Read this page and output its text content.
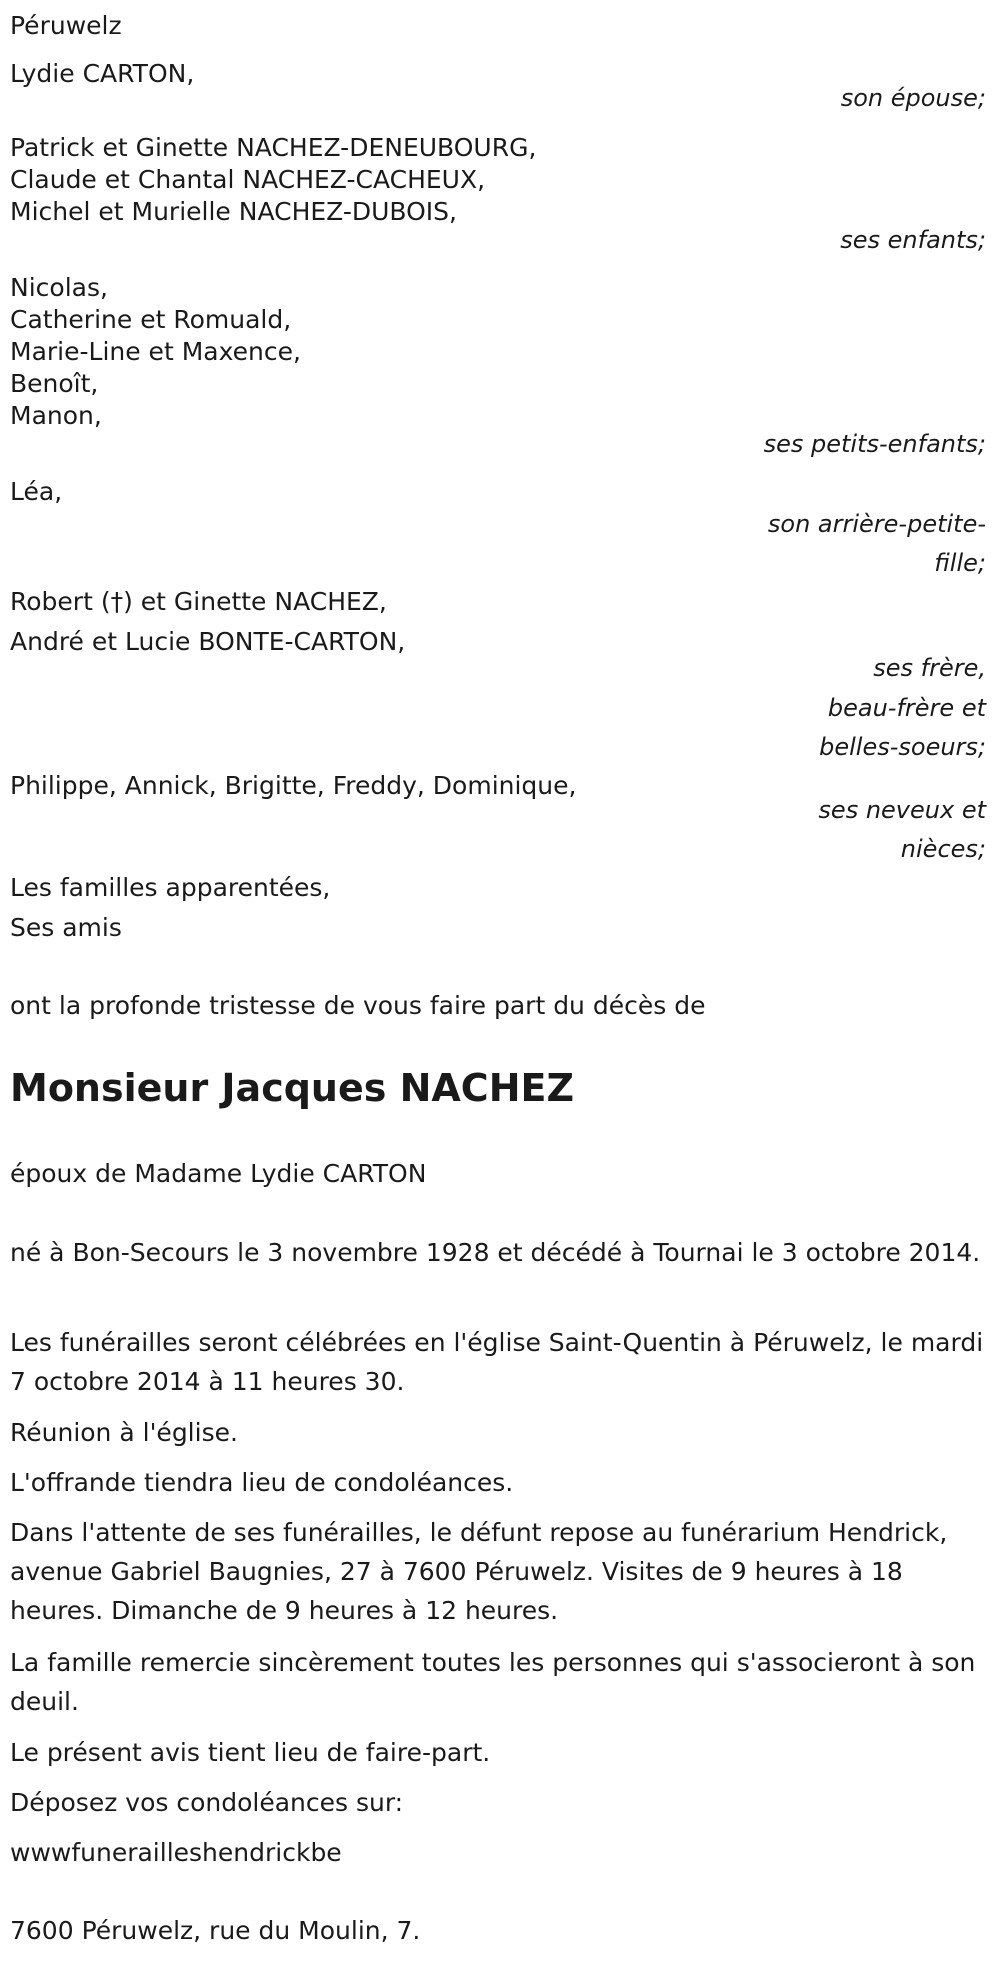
Péruwelz
Lydie CARTON,
son épouse;
Patrick et Ginette NACHEZ-DENEUBOURG,
Claude et Chantal NACHEZ-CACHEUX,
Michel et Murielle NACHEZ-DUBOIS,
ses enfants;
Nicolas,
Catherine et Romuald,
Marie-Line et Maxence,
Benoît,
Manon,
ses petits-enfants;
Léa,
son arrière-petite-
fille;
Robert (†) et Ginette NACHEZ,
André et Lucie BONTE-CARTON,
ses frère,
beau-frère et
belles-soeurs;
Philippe, Annick, Brigitte, Freddy, Dominique,
ses neveux et
nièces;
Les familles apparentées,
Ses amis
ont la profonde tristesse de vous faire part du décès de
Monsieur Jacques NACHEZ
époux de Madame Lydie CARTON
né à Bon-Secours le 3 novembre 1928 et décédé à Tournai le 3 octobre 2014.
Les funérailles seront célébrées en l'église Saint-Quentin à Péruwelz, le mardi 7 octobre 2014 à 11 heures 30.
Réunion à l'église.
L'offrande tiendra lieu de condoléances.
Dans l'attente de ses funérailles, le défunt repose au funérarium Hendrick, avenue Gabriel Baugnies, 27 à 7600 Péruwelz. Visites de 9 heures à 18 heures. Dimanche de 9 heures à 12 heures.
La famille remercie sincèrement toutes les personnes qui s'associeront à son deuil.
Le présent avis tient lieu de faire-part.
Déposez vos condoléances sur:
wwwfunerailleshendrickbe
7600 Péruwelz, rue du Moulin, 7.
